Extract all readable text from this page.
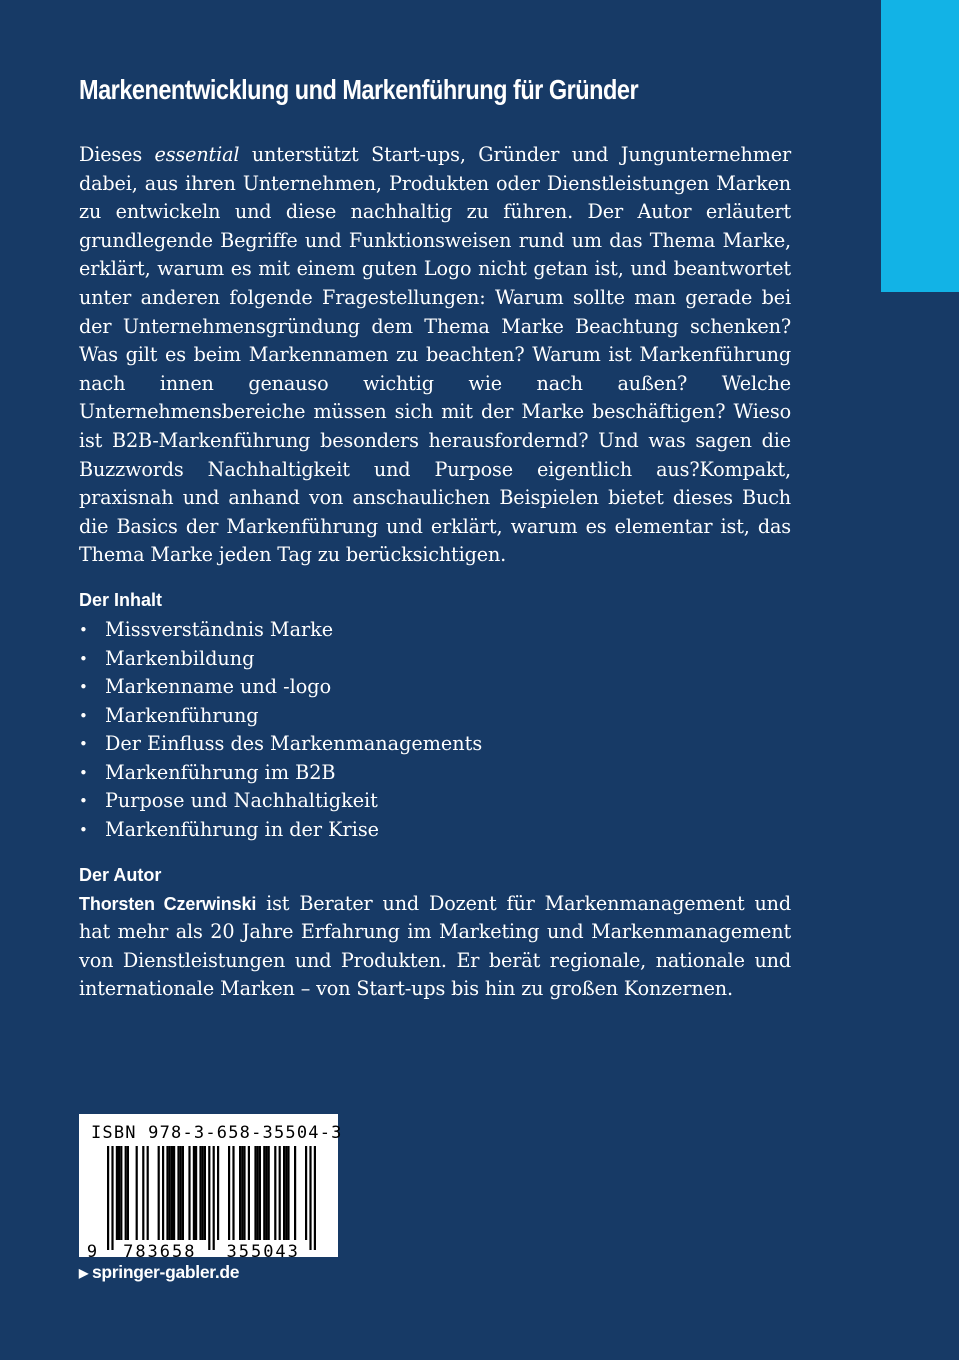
Markenentwicklung und Markenführung für Gründer

Dieses essential unterstützt Start-ups, Gründer und Jungunternehmer dabei, aus ihren Unternehmen, Produkten oder Dienstleistungen Marken zu entwickeln und diese nachhaltig zu führen. Der Autor erläutert grundlegende Begriffe und Funktionsweisen rund um das Thema Marke, erklärt, warum es mit einem guten Logo nicht getan ist, und beantwortet unter anderen folgende Fragestellungen: Warum sollte man gerade bei der Unternehmensgründung dem Thema Marke Beachtung schenken? Was gilt es beim Markennamen zu beachten? Warum ist Markenführung nach innen genauso wichtig wie nach außen? Welche Unternehmensbereiche müssen sich mit der Marke beschäftigen? Wieso ist B2B-Markenführung besonders herausfordernd? Und was sagen die Buzzwords Nachhaltigkeit und Purpose eigentlich aus?Kompakt, praxisnah und anhand von anschaulichen Beispielen bietet dieses Buch die Basics der Markenführung und erklärt, warum es elementar ist, das Thema Marke jeden Tag zu berücksichtigen.

Der Inhalt
• Missverständnis Marke
• Markenbildung
• Markenname und -logo
• Markenführung
• Der Einfluss des Markenmanagements
• Markenführung im B2B
• Purpose und Nachhaltigkeit
• Markenführung in der Krise
Der Autor

Thorsten Czerwinski ist Berater und Dozent für Markenmanagement und hat mehr als 20 Jahre Erfahrung im Marketing und Markenmanagement von Dienstleistungen und Produkten. Er berät regionale, nationale und internationale Marken – von Start-ups bis hin zu großen Konzernen.

ISBN 978-3-658-35504-3
9 783658 355043
▶ springer-gabler.de
